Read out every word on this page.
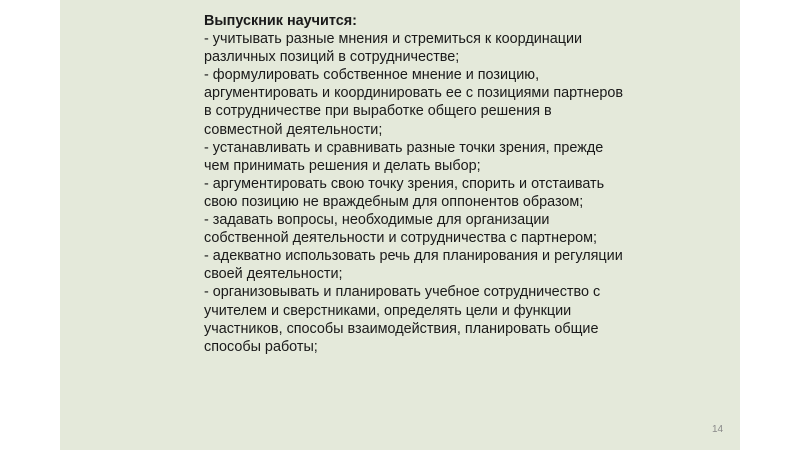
Выпускник научится:

- учитывать разные мнения и стремиться к координации различных позиций в сотрудничестве;

- формулировать собственное мнение и позицию, аргументировать и координировать ее с позициями партнеров в сотрудничестве при выработке общего решения в совместной деятельности;

- устанавливать и сравнивать разные точки зрения, прежде чем принимать решения и делать выбор;

- аргументировать свою точку зрения, спорить и отстаивать свою позицию не враждебным для оппонентов образом;

- задавать вопросы, необходимые для организации собственной деятельности и сотрудничества с партнером;

- адекватно использовать речь для планирования и регуляции своей деятельности;

- организовывать и планировать учебное сотрудничество с учителем и сверстниками, определять цели и функции участников, способы взаимодействия, планировать общие способы работы;

14
